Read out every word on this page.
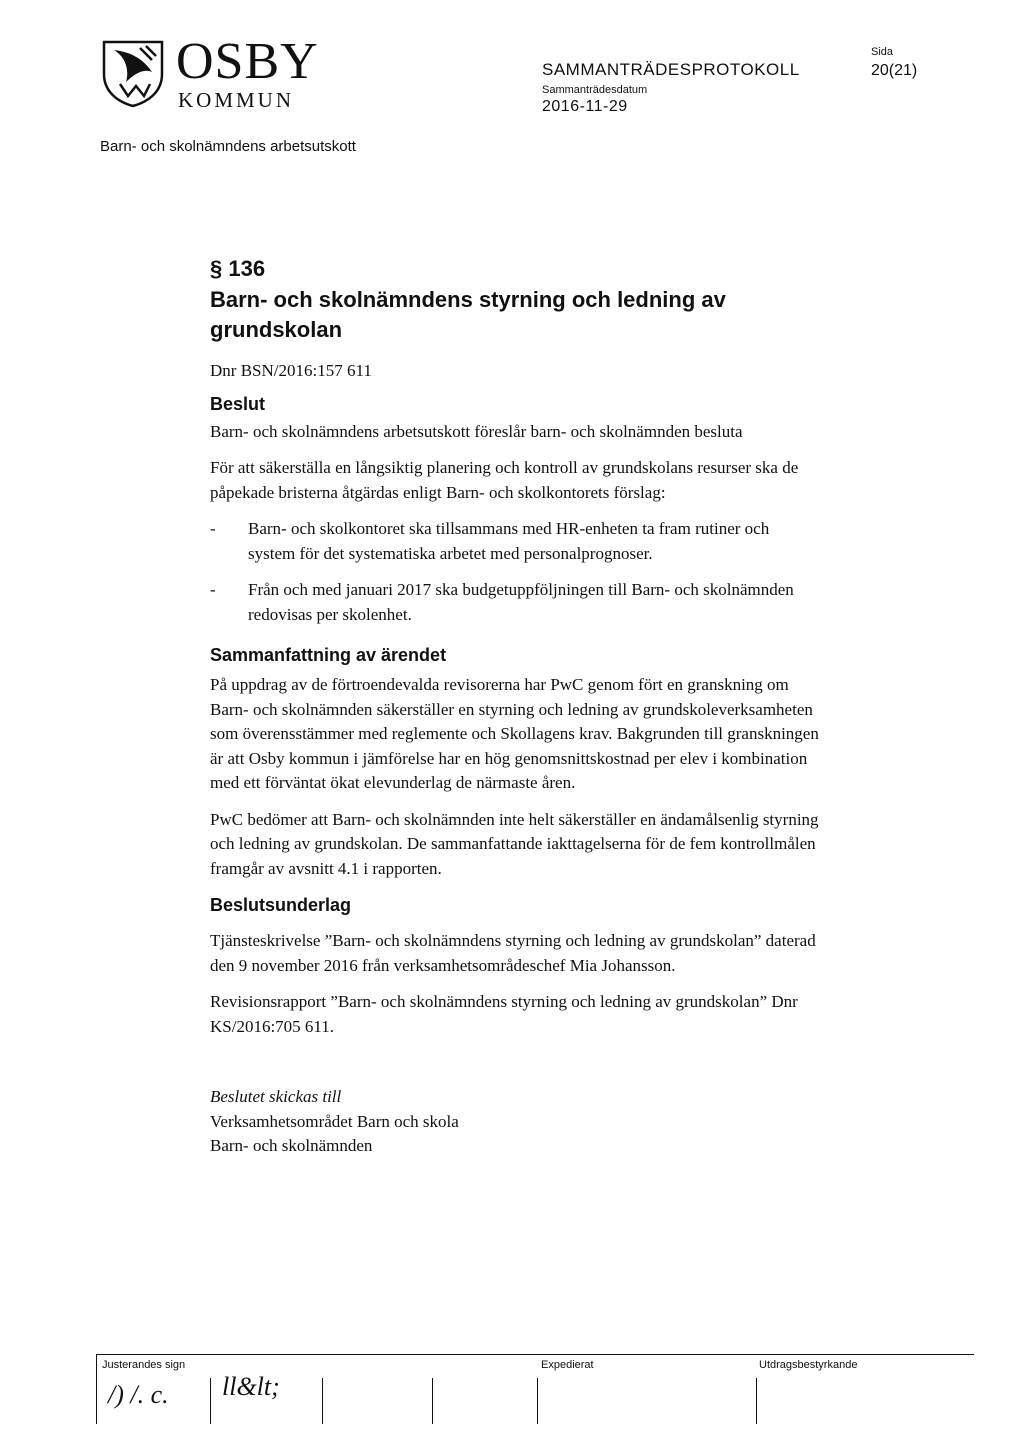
OSBY
KOMMUN
Barn- och skolnämndens arbetsutskott
SAMMANTRÄDESPROTOKOLL
Sammanträdesdatum
2016-11-29
Sida
20(21)
§ 136
Barn- och skolnämndens styrning och ledning av grundskolan

Dnr BSN/2016:157 611

Beslut

Barn- och skolnämndens arbetsutskott föreslår barn- och skolnämnden besluta

För att säkerställa en långsiktig planering och kontroll av grundskolans resurser ska de påpekade bristerna åtgärdas enligt Barn- och skolkontorets förslag:

- Barn- och skolkontoret ska tillsammans med HR-enheten ta fram rutiner och system för det systematiska arbetet med personalprognoser.
- Från och med januari 2017 ska budgetuppföljningen till Barn- och skolnämnden redovisas per skolenhet.
Sammanfattning av ärendet

På uppdrag av de förtroendevalda revisorerna har PwC genom fört en granskning om Barn- och skolnämnden säkerställer en styrning och ledning av grundskoleverksamheten som överensstämmer med reglemente och Skollagens krav. Bakgrunden till granskningen är att Osby kommun i jämförelse har en hög genomsnittskostnad per elev i kombination med ett förväntat ökat elevunderlag de närmaste åren.

PwC bedömer att Barn- och skolnämnden inte helt säkerställer en ändamålsenlig styrning och ledning av grundskolan. De sammanfattande iakttagelserna för de fem kontrollmålen framgår av avsnitt 4.1 i rapporten.

Beslutsunderlag

Tjänsteskrivelse ”Barn- och skolnämndens styrning och ledning av grundskolan” daterad den 9 november 2016 från verksamhetsområdeschef Mia Johansson.

Revisionsrapport ”Barn- och skolnämndens styrning och ledning av grundskolan” Dnr KS/2016:705 611.

Beslutet skickas till

Verksamhetsområdet Barn och skola

Barn- och skolnämnden

Justerandes sign	Expedierat	Utdragsbestyrkande
/) /. c. ll&lt;
